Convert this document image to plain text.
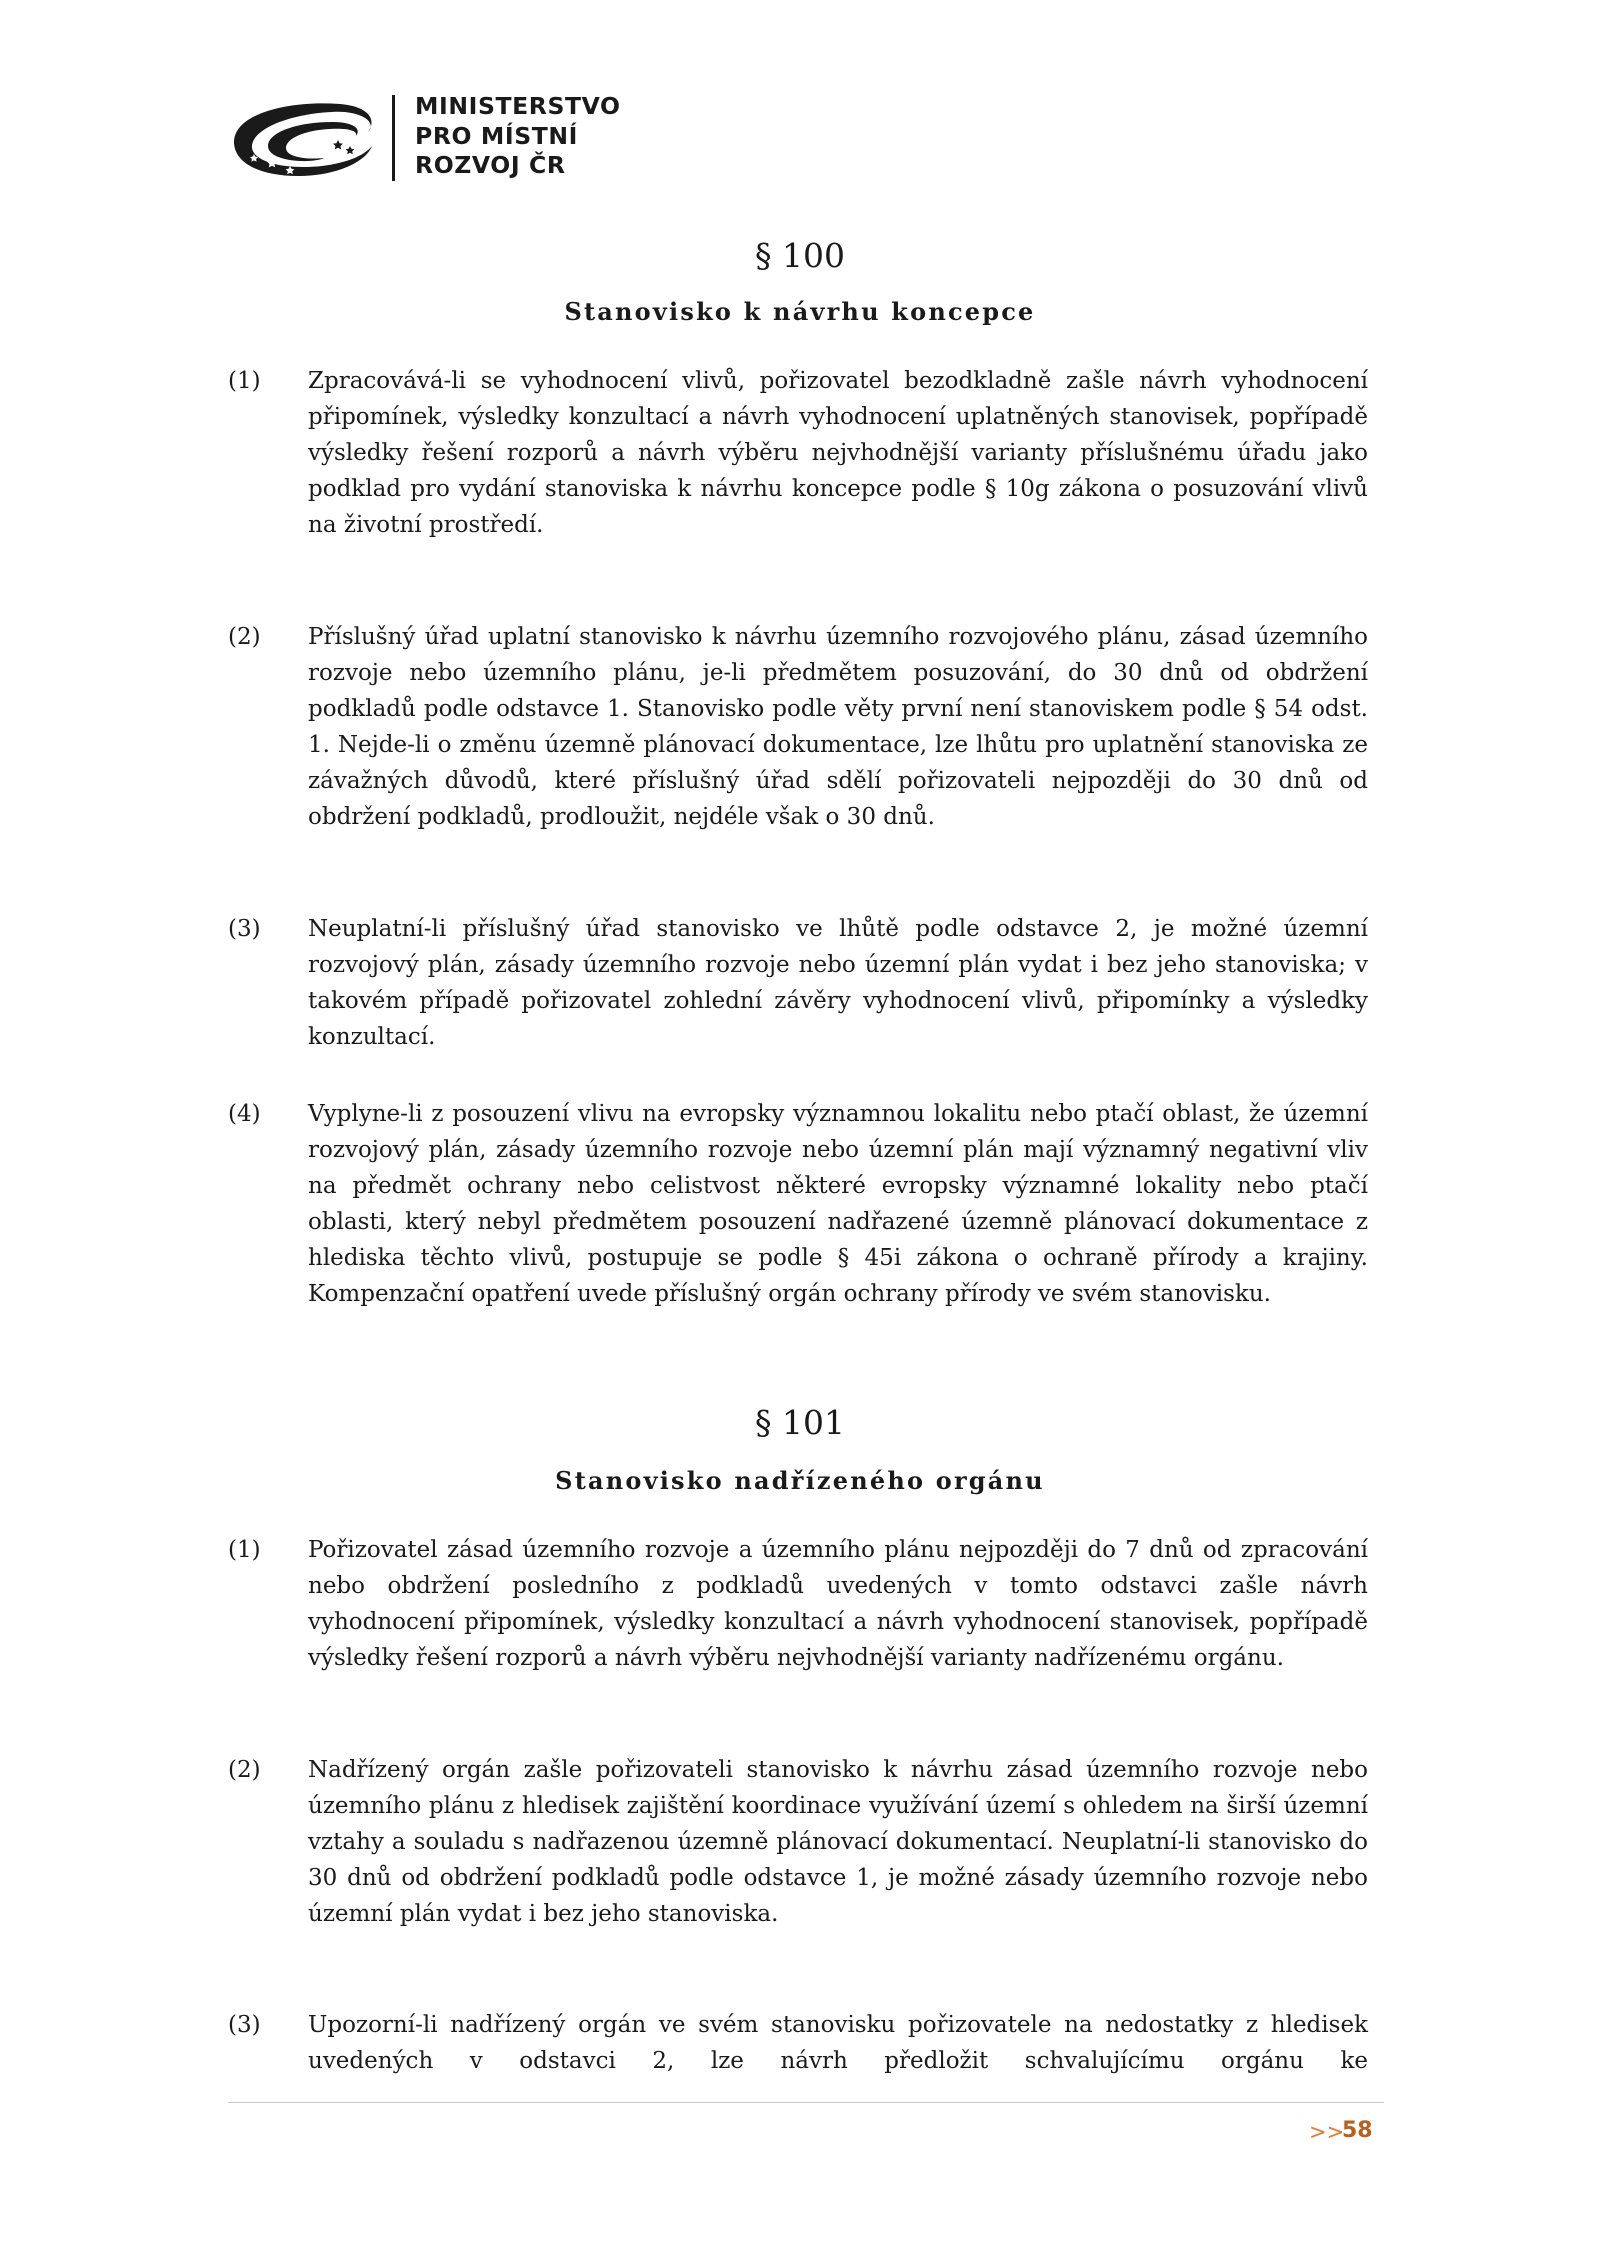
MINISTERSTVO
PRO MÍSTNÍ
ROZVOJ ČR
§ 100
Stanovisko k návrhu koncepce
(1) Zpracovává-li se vyhodnocení vlivů, pořizovatel bezodkladně zašle návrh vyhodnocení připomínek, výsledky konzultací a návrh vyhodnocení uplatněných stanovisek, popřípadě výsledky řešení rozporů a návrh výběru nejvhodnější varianty příslušnému úřadu jako podklad pro vydání stanoviska k návrhu koncepce podle § 10g zákona o posuzování vlivů na životní prostředí.

(2) Příslušný úřad uplatní stanovisko k návrhu územního rozvojového plánu, zásad územního rozvoje nebo územního plánu, je-li předmětem posuzování, do 30 dnů od obdržení podkladů podle odstavce 1. Stanovisko podle věty první není stanoviskem podle § 54 odst. 1. Nejde-li o změnu územně plánovací dokumentace, lze lhůtu pro uplatnění stanoviska ze závažných důvodů, které příslušný úřad sdělí pořizovateli nejpozději do 30 dnů od obdržení podkladů, prodloužit, nejdéle však o 30 dnů.

(3) Neuplatní-li příslušný úřad stanovisko ve lhůtě podle odstavce 2, je možné územní rozvojový plán, zásady územního rozvoje nebo územní plán vydat i bez jeho stanoviska; v takovém případě pořizovatel zohlední závěry vyhodnocení vlivů, připomínky a výsledky konzultací.

(4) Vyplyne-li z posouzení vlivu na evropsky významnou lokalitu nebo ptačí oblast, že územní rozvojový plán, zásady územního rozvoje nebo územní plán mají významný negativní vliv na předmět ochrany nebo celistvost některé evropsky významné lokality nebo ptačí oblasti, který nebyl předmětem posouzení nadřazené územně plánovací dokumentace z hlediska těchto vlivů, postupuje se podle § 45i zákona o ochraně přírody a krajiny. Kompenzační opatření uvede příslušný orgán ochrany přírody ve svém stanovisku.

§ 101
Stanovisko nadřízeného orgánu
(1) Pořizovatel zásad územního rozvoje a územního plánu nejpozději do 7 dnů od zpracování nebo obdržení posledního z podkladů uvedených v tomto odstavci zašle návrh vyhodnocení připomínek, výsledky konzultací a návrh vyhodnocení stanovisek, popřípadě výsledky řešení rozporů a návrh výběru nejvhodnější varianty nadřízenému orgánu.

(2) Nadřízený orgán zašle pořizovateli stanovisko k návrhu zásad územního rozvoje nebo územního plánu z hledisek zajištění koordinace využívání území s ohledem na širší územní vztahy a souladu s nadřazenou územně plánovací dokumentací. Neuplatní-li stanovisko do 30 dnů od obdržení podkladů podle odstavce 1, je možné zásady územního rozvoje nebo územní plán vydat i bez jeho stanoviska.

(3) Upozorní-li nadřízený orgán ve svém stanovisku pořizovatele na nedostatky z hledisek uvedených v odstavci 2, lze návrh předložit schvalujícímu orgánu ke

>>
58
